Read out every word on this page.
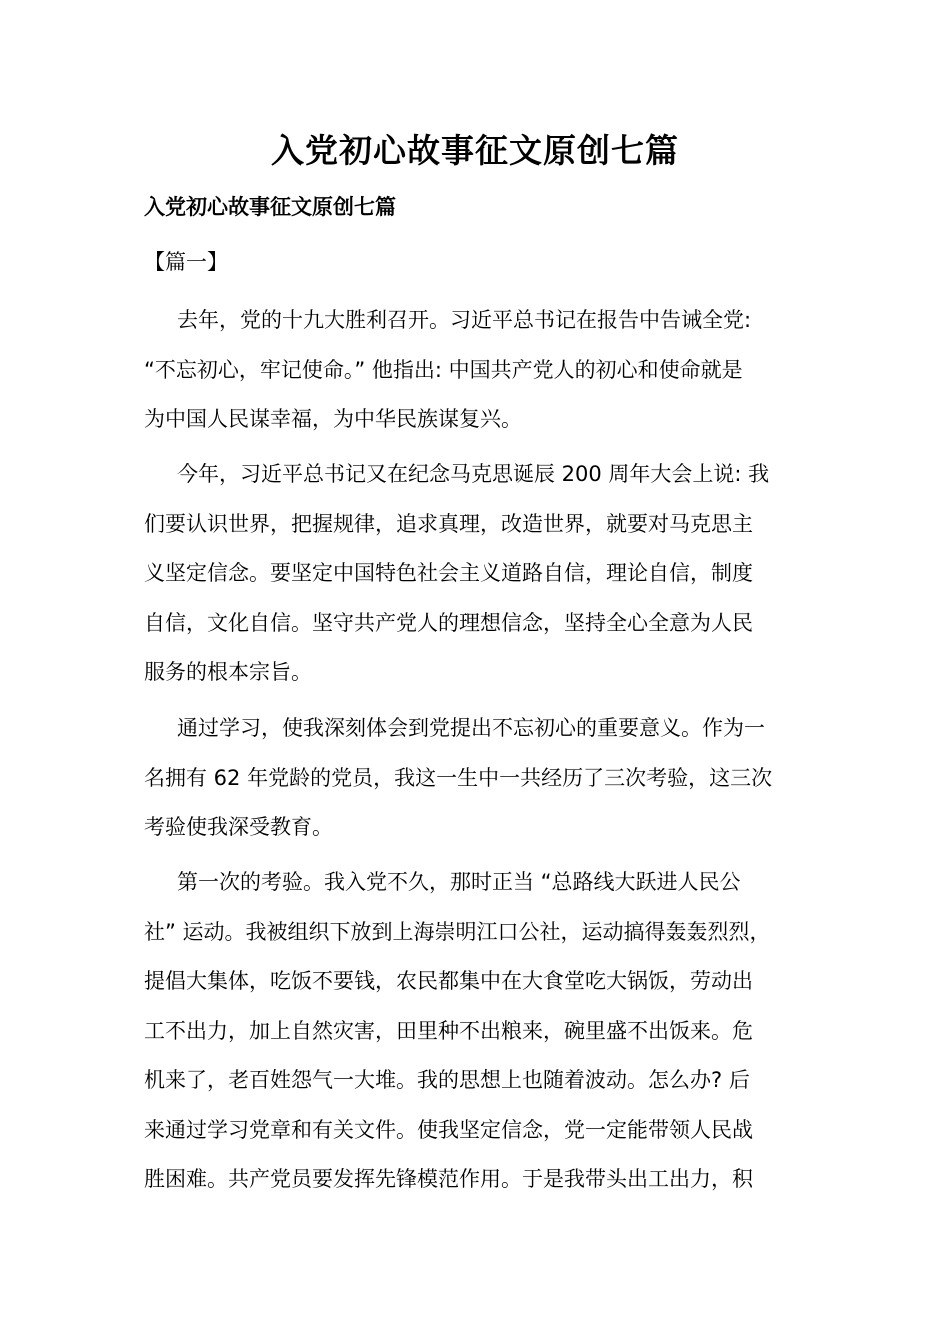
入党初心故事征文原创七篇
入党初心故事征文原创七篇
【篇一】

去年，党的十九大胜利召开。习近平总书记在报告中告诫全党:
“不忘初心，牢记使命。” 他指出: 中国共产党人的初心和使命就是
为中国人民谋幸福，为中华民族谋复兴。

今年，习近平总书记又在纪念马克思诞辰 200 周年大会上说: 我
们要认识世界，把握规律，追求真理，改造世界，就要对马克思主
义坚定信念。要坚定中国特色社会主义道路自信，理论自信，制度
自信，文化自信。坚守共产党人的理想信念，坚持全心全意为人民
服务的根本宗旨。

通过学习，使我深刻体会到党提出不忘初心的重要意义。作为一
名拥有 62 年党龄的党员，我这一生中一共经历了三次考验，这三次
考验使我深受教育。

第一次的考验。我入党不久，那时正当 “总路线大跃进人民公
社” 运动。我被组织下放到上海崇明江口公社，运动搞得轰轰烈烈，
提倡大集体，吃饭不要钱，农民都集中在大食堂吃大锅饭，劳动出
工不出力，加上自然灾害，田里种不出粮来，碗里盛不出饭来。危
机来了，老百姓怨气一大堆。我的思想上也随着波动。怎么办? 后
来通过学习党章和有关文件。使我坚定信念，党一定能带领人民战
胜困难。共产党员要发挥先锋模范作用。于是我带头出工出力，积
